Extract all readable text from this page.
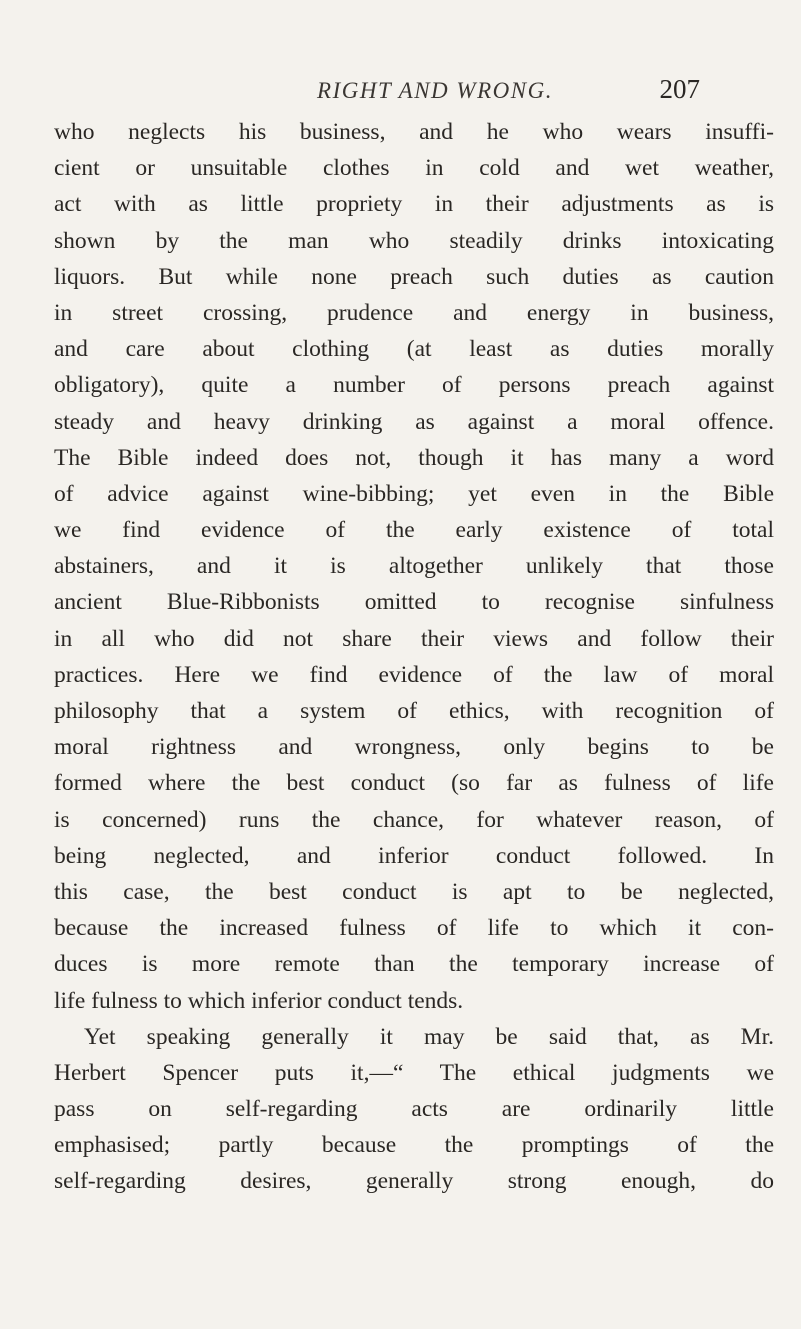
RIGHT AND WRONG.	207
who neglects his business, and he who wears insuffi-
cient or unsuitable clothes in cold and wet weather,
act with as little propriety in their adjustments as is
shown by the man who steadily drinks intoxicating
liquors. But while none preach such duties as caution
in street crossing, prudence and energy in business,
and care about clothing (at least as duties morally
obligatory), quite a number of persons preach against
steady and heavy drinking as against a moral offence.
The Bible indeed does not, though it has many a word
of advice against wine-bibbing; yet even in the Bible
we find evidence of the early existence of total
abstainers, and it is altogether unlikely that those
ancient Blue-Ribbonists omitted to recognise sinfulness
in all who did not share their views and follow their
practices. Here we find evidence of the law of moral
philosophy that a system of ethics, with recognition of
moral rightness and wrongness, only begins to be
formed where the best conduct (so far as fulness of life
is concerned) runs the chance, for whatever reason, of
being neglected, and inferior conduct followed. In
this case, the best conduct is apt to be neglected,
because the increased fulness of life to which it con-
duces is more remote than the temporary increase of
life fulness to which inferior conduct tends.
Yet speaking generally it may be said that, as Mr.
Herbert Spencer puts it,—“ The ethical judgments we
pass on self-regarding acts are ordinarily little
emphasised; partly because the promptings of the
self-regarding desires, generally strong enough, do
